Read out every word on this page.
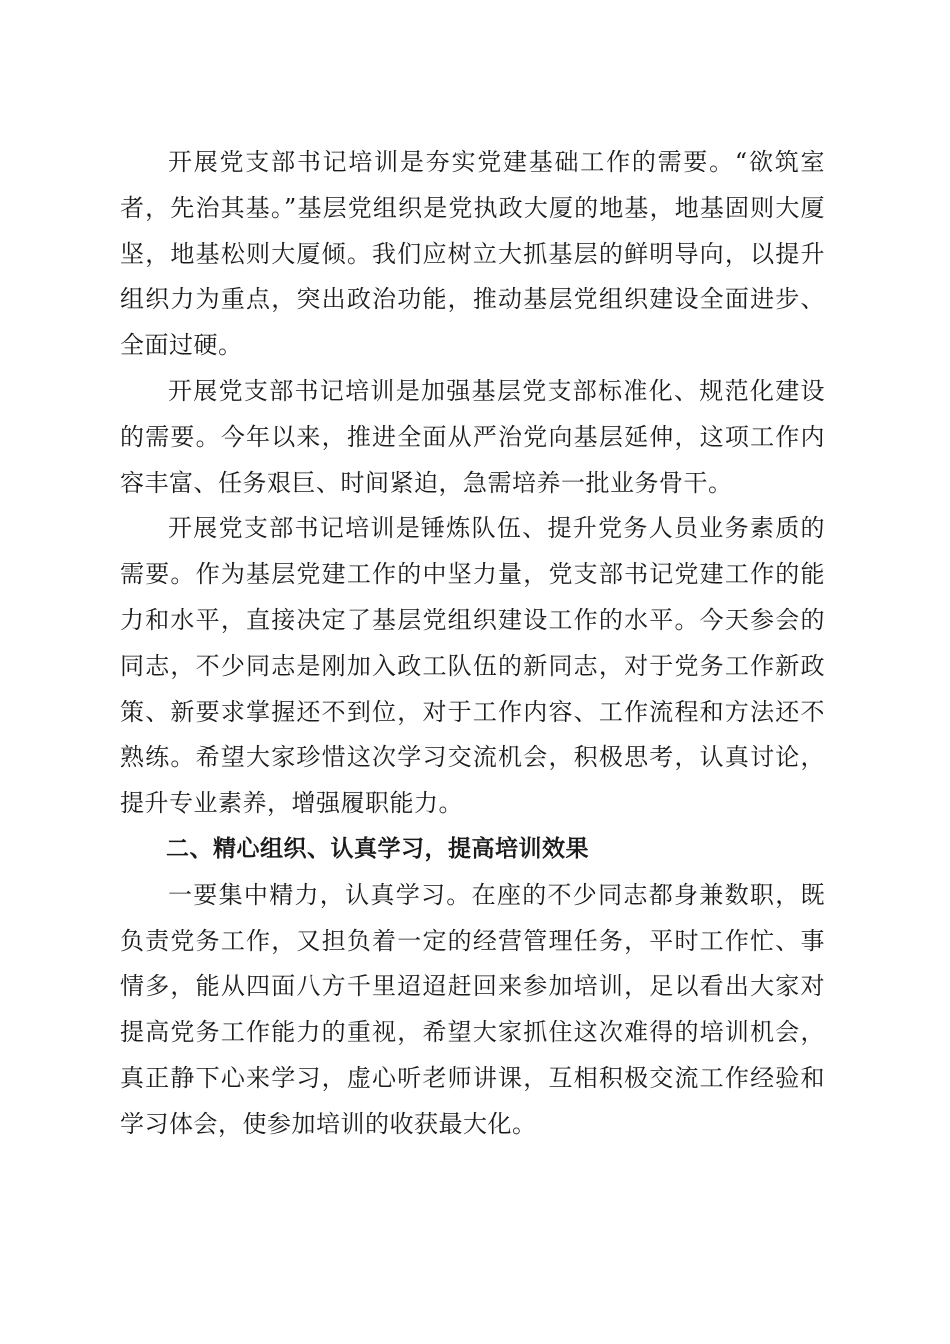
开展党支部书记培训是夯实党建基础工作的需要。“欲筑室者，先治其基。”基层党组织是党执政大厦的地基，地基固则大厦坚，地基松则大厦倾。我们应树立大抓基层的鲜明导向，以提升组织力为重点，突出政治功能，推动基层党组织建设全面进步、全面过硬。

开展党支部书记培训是加强基层党支部标准化、规范化建设的需要。今年以来，推进全面从严治党向基层延伸，这项工作内容丰富、任务艰巨、时间紧迫，急需培养一批业务骨干。

开展党支部书记培训是锤炼队伍、提升党务人员业务素质的需要。作为基层党建工作的中坚力量，党支部书记党建工作的能力和水平，直接决定了基层党组织建设工作的水平。今天参会的同志，不少同志是刚加入政工队伍的新同志，对于党务工作新政策、新要求掌握还不到位，对于工作内容、工作流程和方法还不熟练。希望大家珍惜这次学习交流机会，积极思考，认真讨论，提升专业素养，增强履职能力。

二、精心组织、认真学习，提高培训效果

一要集中精力，认真学习。在座的不少同志都身兼数职，既负责党务工作，又担负着一定的经营管理任务，平时工作忙、事情多，能从四面八方千里迢迢赶回来参加培训，足以看出大家对提高党务工作能力的重视，希望大家抓住这次难得的培训机会，真正静下心来学习，虚心听老师讲课，互相积极交流工作经验和学习体会，使参加培训的收获最大化。
